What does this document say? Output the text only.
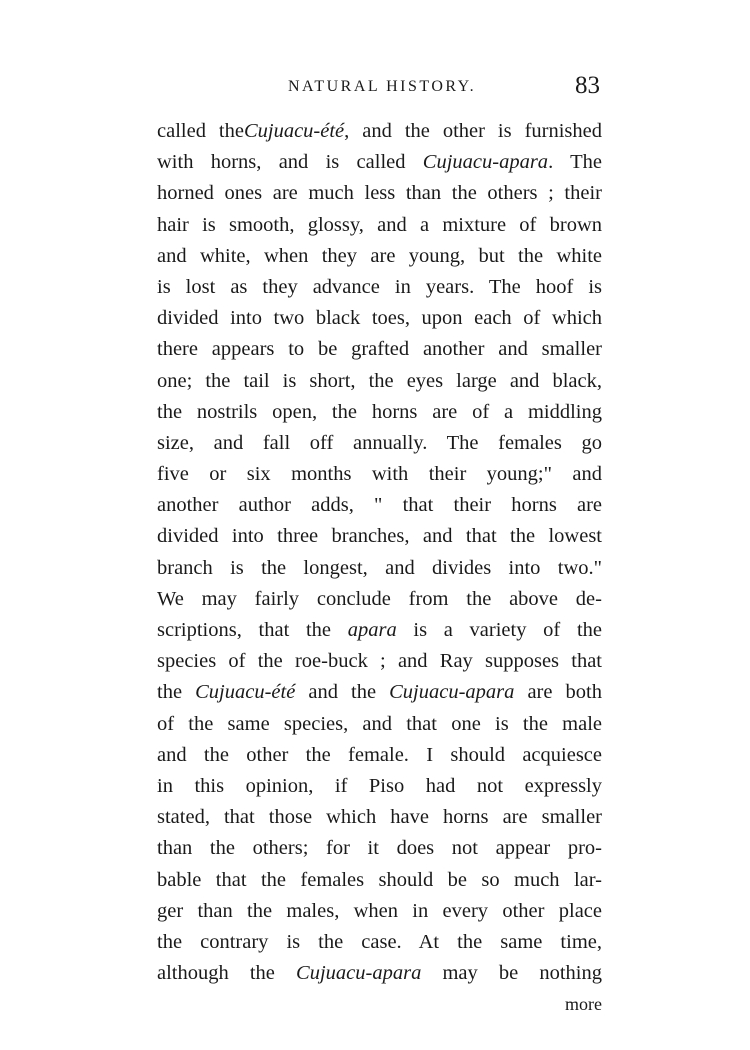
NATURAL HISTORY.	83
called theCujuacu-été, and the other is furnished
with horns, and is called Cujuacu-apara. The
horned ones are much less than the others ; their
hair is smooth, glossy, and a mixture of brown
and white, when they are young, but the white
is lost as they advance in years. The hoof is
divided into two black toes, upon each of which
there appears to be grafted another and smaller
one; the tail is short, the eyes large and black,
the nostrils open, the horns are of a middling
size, and fall off annually. The females go
five or six months with their young;" and
another author adds, " that their horns are
divided into three branches, and that the lowest
branch is the longest, and divides into two."
We may fairly conclude from the above de-
scriptions, that the apara is a variety of the
species of the roe-buck ; and Ray supposes that
the Cujuacu-été and the Cujuacu-apara are both
of the same species, and that one is the male
and the other the female. I should acquiesce
in this opinion, if Piso had not expressly
stated, that those which have horns are smaller
than the others; for it does not appear pro-
bable that the females should be so much lar-
ger than the males, when in every other place
the contrary is the case. At the same time,
although the Cujuacu-apara may be nothing
more
